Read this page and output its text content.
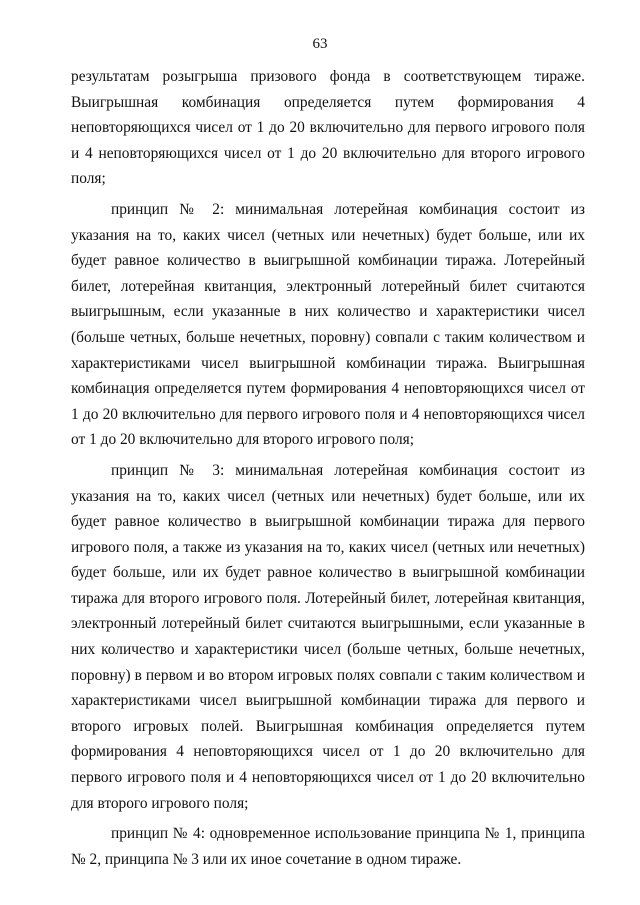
63

результатам розыгрыша призового фонда в соответствующем тираже. Выигрышная комбинация определяется путем формирования 4 неповторяющихся чисел от 1 до 20 включительно для первого игрового поля и 4 неповторяющихся чисел от 1 до 20 включительно для второго игрового поля;

принцип № 2: минимальная лотерейная комбинация состоит из указания на то, каких чисел (четных или нечетных) будет больше, или их будет равное количество в выигрышной комбинации тиража. Лотерейный билет, лотерейная квитанция, электронный лотерейный билет считаются выигрышным, если указанные в них количество и характеристики чисел (больше четных, больше нечетных, поровну) совпали с таким количеством и характеристиками чисел выигрышной комбинации тиража. Выигрышная комбинация определяется путем формирования 4 неповторяющихся чисел от 1 до 20 включительно для первого игрового поля и 4 неповторяющихся чисел от 1 до 20 включительно для второго игрового поля;

принцип № 3: минимальная лотерейная комбинация состоит из указания на то, каких чисел (четных или нечетных) будет больше, или их будет равное количество в выигрышной комбинации тиража для первого игрового поля, а также из указания на то, каких чисел (четных или нечетных) будет больше, или их будет равное количество в выигрышной комбинации тиража для второго игрового поля. Лотерейный билет, лотерейная квитанция, электронный лотерейный билет считаются выигрышными, если указанные в них количество и характеристики чисел (больше четных, больше нечетных, поровну) в первом и во втором игровых полях совпали с таким количеством и характеристиками чисел выигрышной комбинации тиража для первого и второго игровых полей. Выигрышная комбинация определяется путем формирования 4 неповторяющихся чисел от 1 до 20 включительно для первого игрового поля и 4 неповторяющихся чисел от 1 до 20 включительно для второго игрового поля;

принцип № 4: одновременное использование принципа № 1, принципа № 2, принципа № 3 или их иное сочетание в одном тираже.
